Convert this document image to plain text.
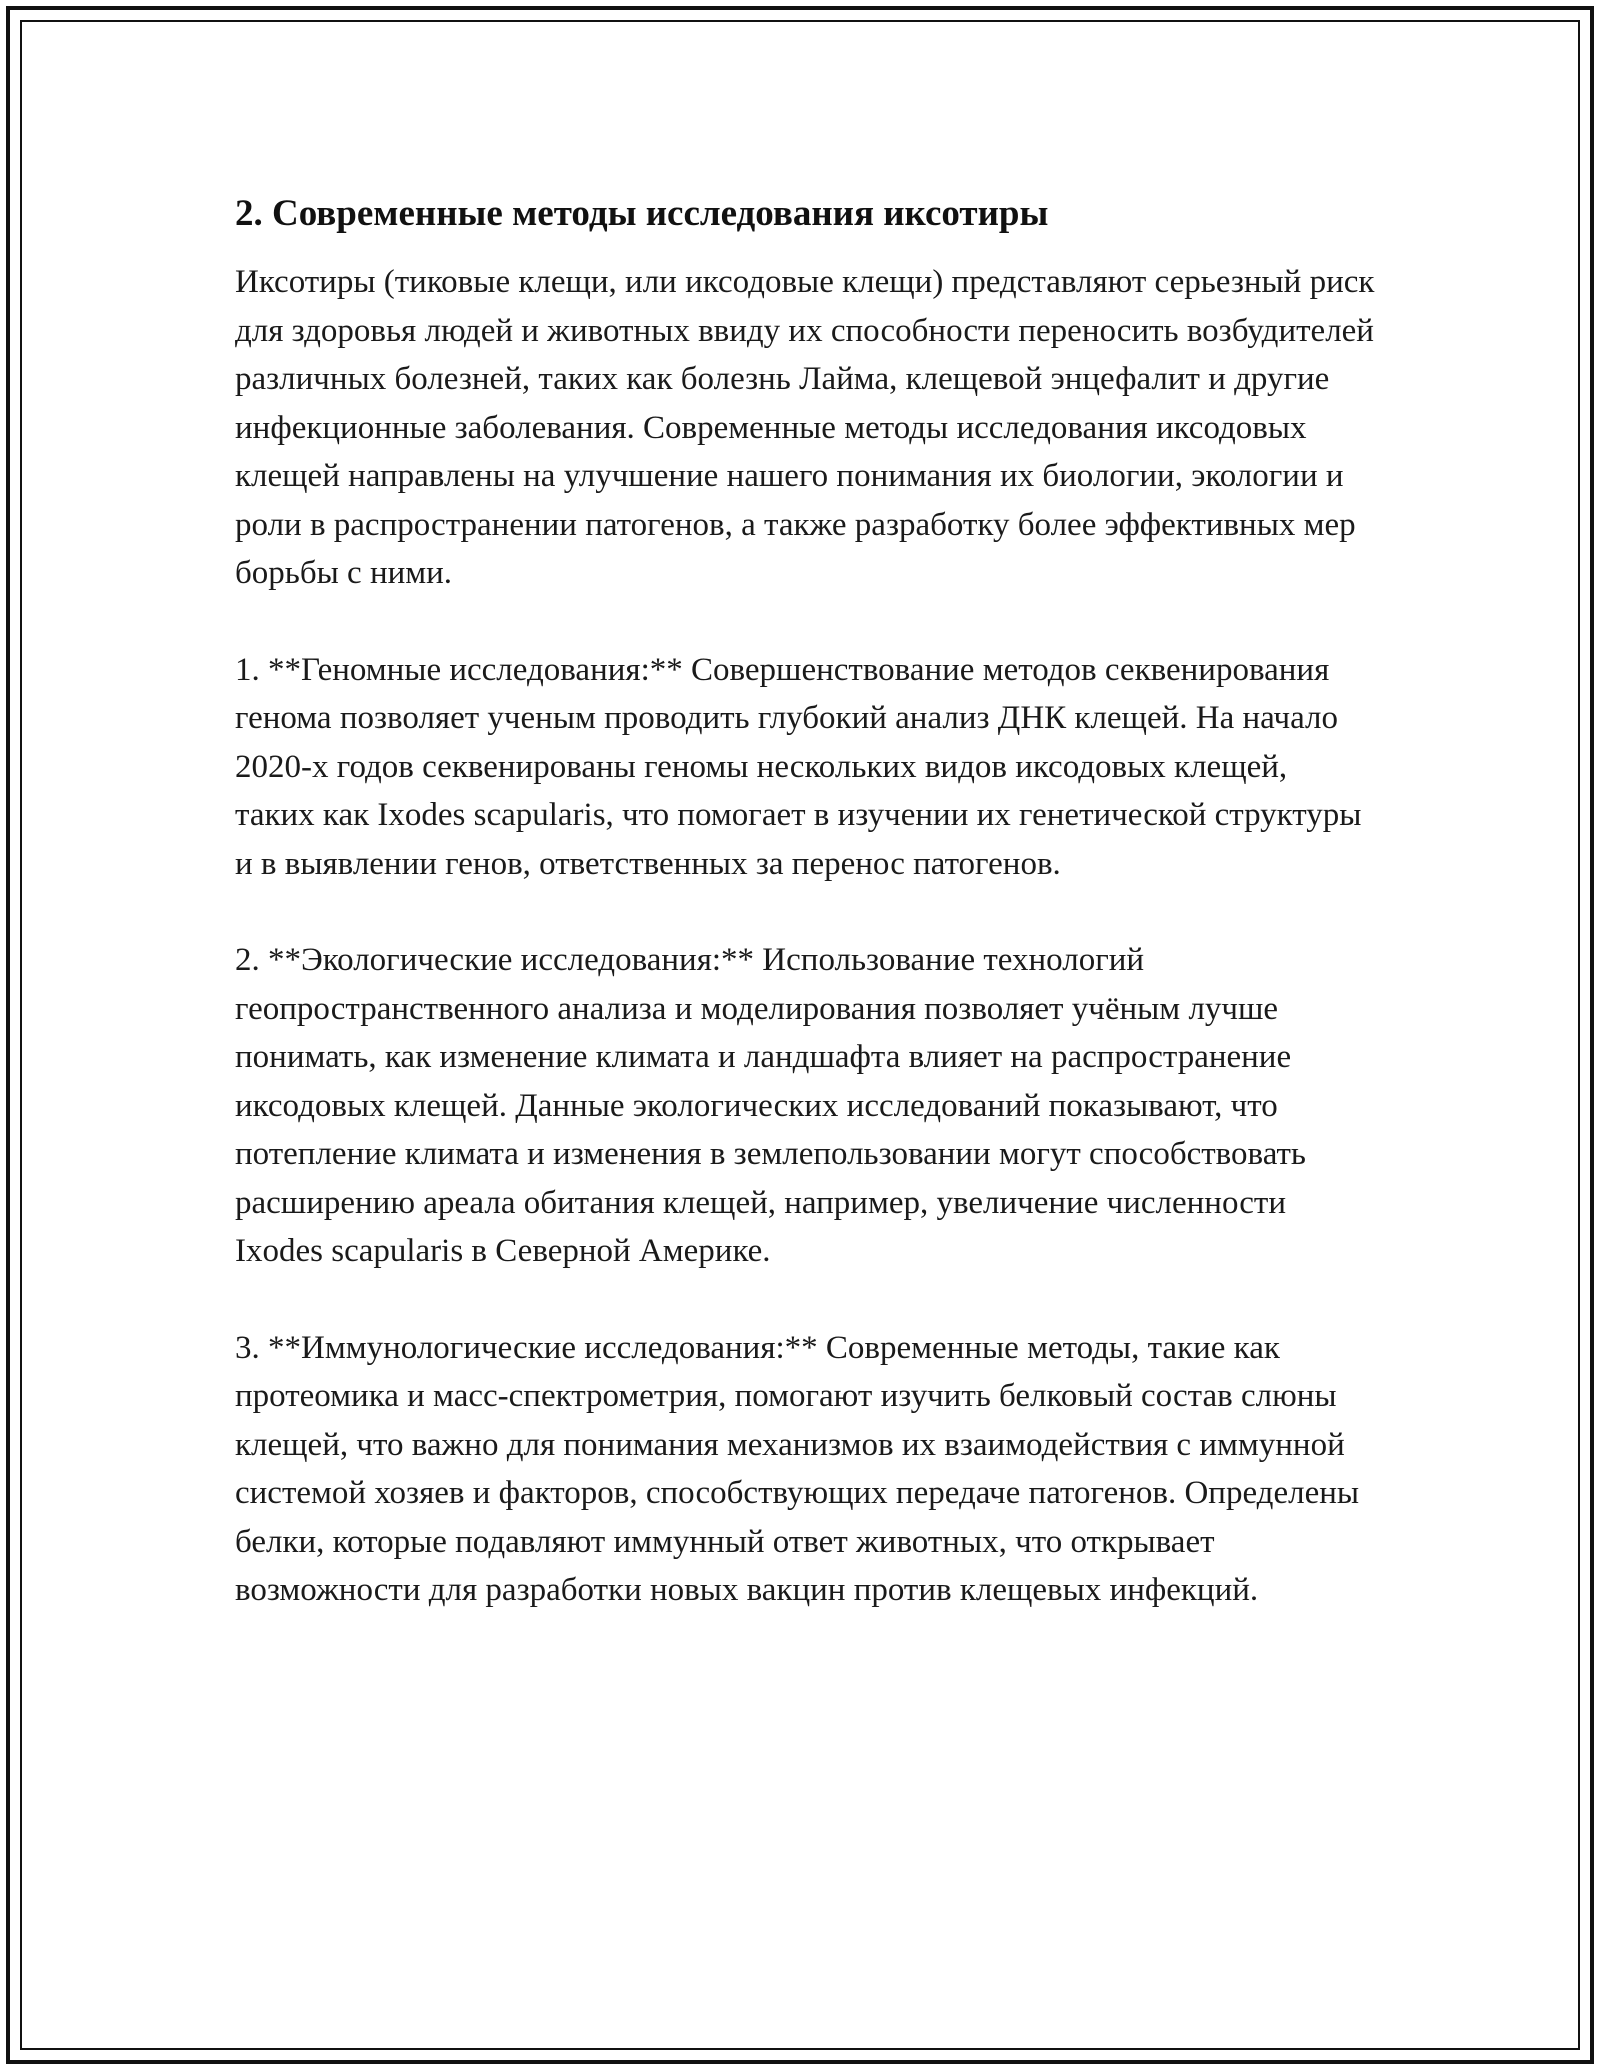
2. Современные методы исследования иксотиры

Иксотиры (тиковые клещи, или иксодовые клещи) представляют серьезный риск для здоровья людей и животных ввиду их способности переносить возбудителей различных болезней, таких как болезнь Лайма, клещевой энцефалит и другие инфекционные заболевания. Современные методы исследования иксодовых клещей направлены на улучшение нашего понимания их биологии, экологии и роли в распространении патогенов, а также разработку более эффективных мер борьбы с ними.

1. **Геномные исследования:** Совершенствование методов секвенирования генома позволяет ученым проводить глубокий анализ ДНК клещей. На начало 2020-х годов секвенированы геномы нескольких видов иксодовых клещей, таких как Ixodes scapularis, что помогает в изучении их генетической структуры и в выявлении генов, ответственных за перенос патогенов.

2. **Экологические исследования:** Использование технологий геопространственного анализа и моделирования позволяет учёным лучше понимать, как изменение климата и ландшафта влияет на распространение иксодовых клещей. Данные экологических исследований показывают, что потепление климата и изменения в землепользовании могут способствовать расширению ареала обитания клещей, например, увеличение численности Ixodes scapularis в Северной Америке.

3. **Иммунологические исследования:** Современные методы, такие как протеомика и масс-спектрометрия, помогают изучить белковый состав слюны клещей, что важно для понимания механизмов их взаимодействия с иммунной системой хозяев и факторов, способствующих передаче патогенов. Определены белки, которые подавляют иммунный ответ животных, что открывает возможности для разработки новых вакцин против клещевых инфекций.
